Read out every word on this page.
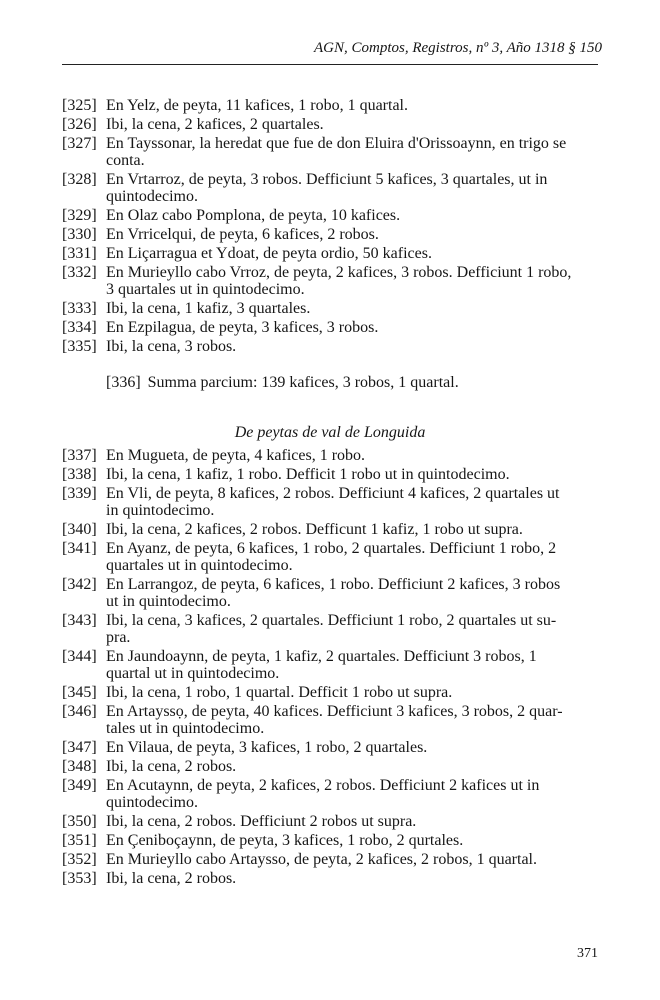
AGN, Comptos, Registros, nº 3, Año 1318 § 150
[325] En Yelz, de peyta, 11 kafices, 1 robo, 1 quartal.
[326] Ibi, la cena, 2 kafices, 2 quartales.
[327] En Tayssonar, la heredat que fue de don Eluira d'Orissoaynn, en trigo se
conta.
[328] En Vrtarroz, de peyta, 3 robos. Defficiunt 5 kafices, 3 quartales, ut in
quintodecimo.
[329] En Olaz cabo Pomplona, de peyta, 10 kafices.
[330] En Vrricelqui, de peyta, 6 kafices, 2 robos.
[331] En Liçarragua et Ydoat, de peyta ordio, 50 kafices.
[332] En Murieyllo cabo Vrroz, de peyta, 2 kafices, 3 robos. Defficiunt 1 robo,
3 quartales ut in quintodecimo.
[333] Ibi, la cena, 1 kafiz, 3 quartales.
[334] En Ezpilagua, de peyta, 3 kafices, 3 robos.
[335] Ibi, la cena, 3 robos.
[336] Summa parcium: 139 kafices, 3 robos, 1 quartal.
De peytas de val de Longuida
[337] En Mugueta, de peyta, 4 kafices, 1 robo.
[338] Ibi, la cena, 1 kafiz, 1 robo. Defficit 1 robo ut in quintodecimo.
[339] En Vli, de peyta, 8 kafices, 2 robos. Defficiunt 4 kafices, 2 quartales ut
in quintodecimo.
[340] Ibi, la cena, 2 kafices, 2 robos. Defficunt 1 kafiz, 1 robo ut supra.
[341] En Ayanz, de peyta, 6 kafices, 1 robo, 2 quartales. Defficiunt 1 robo, 2
quartales ut in quintodecimo.
[342] En Larrangoz, de peyta, 6 kafices, 1 robo. Defficiunt 2 kafices, 3 robos
ut in quintodecimo.
[343] Ibi, la cena, 3 kafices, 2 quartales. Defficiunt 1 robo, 2 quartales ut su-
pra.
[344] En Jaundoaynn, de peyta, 1 kafiz, 2 quartales. Defficiunt 3 robos, 1
quartal ut in quintodecimo.
[345] Ibi, la cena, 1 robo, 1 quartal. Defficit 1 robo ut supra.
[346] En Artayssọ, de peyta, 40 kafices. Defficiunt 3 kafices, 3 robos, 2 quar-
tales ut in quintodecimo.
[347] En Vilaua, de peyta, 3 kafices, 1 robo, 2 quartales.
[348] Ibi, la cena, 2 robos.
[349] En Acutaynn, de peyta, 2 kafices, 2 robos. Defficiunt 2 kafices ut in
quintodecimo.
[350] Ibi, la cena, 2 robos. Defficiunt 2 robos ut supra.
[351] En Çeniboçaynn, de peyta, 3 kafices, 1 robo, 2 qurtales.
[352] En Murieyllo cabo Artaysso, de peyta, 2 kafices, 2 robos, 1 quartal.
[353] Ibi, la cena, 2 robos.
371
